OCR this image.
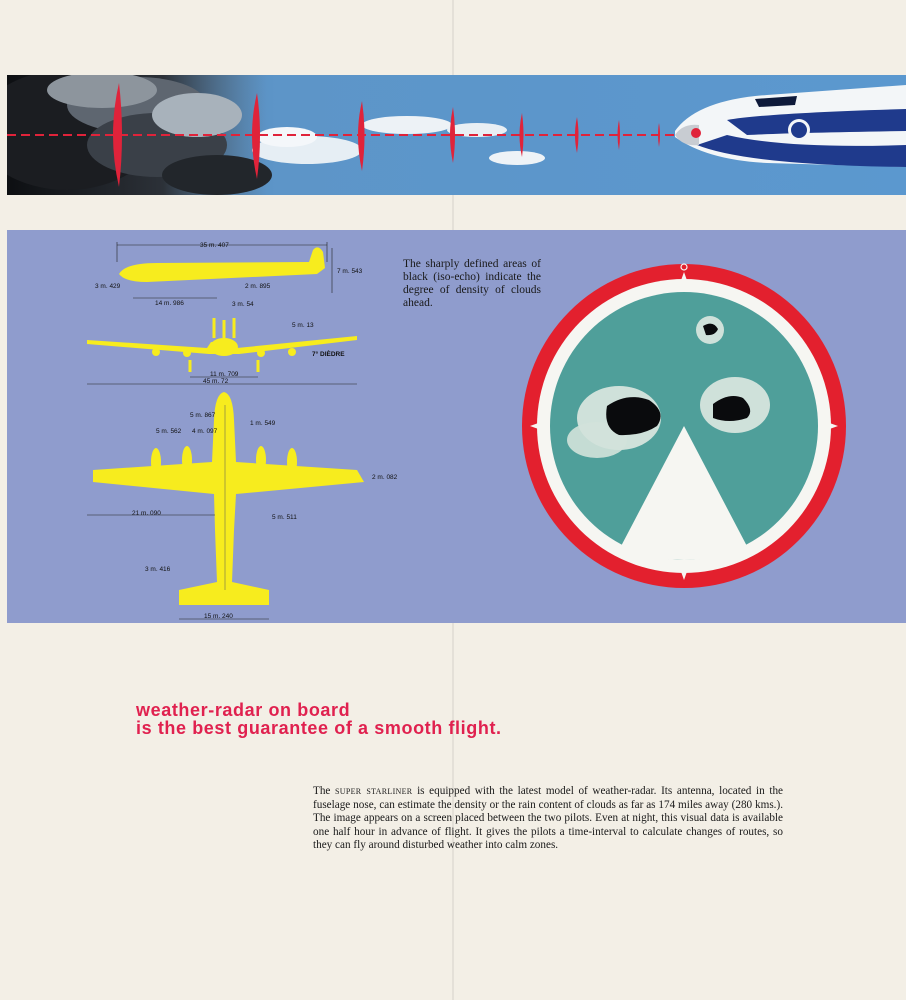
35 m. 407
7 m. 543
3 m. 429	2 m. 895
14 m. 986	3 m. 54
5 m. 13
7° DIÈDRE
11 m. 709
45 m. 72
5 m. 867
5 m. 562 4 m. 097
1 m. 549
2 m. 082
21 m. 090
5 m. 511
3 m. 416
15 m. 240
The sharply defined areas of black (iso-echo) indicate the degree of density of clouds ahead.
weather-radar on board
is the best guarantee of a smooth flight.
The super starliner is equipped with the latest model of weather-radar. Its antenna, located in the fuselage nose, can estimate the density or the rain content of clouds as far as 174 miles away (280 kms.). The image appears on a screen placed between the two pilots. Even at night, this visual data is available one half hour in advance of flight. It gives the pilots a time-interval to calculate changes of routes, so they can fly around disturbed weather into calm zones.
